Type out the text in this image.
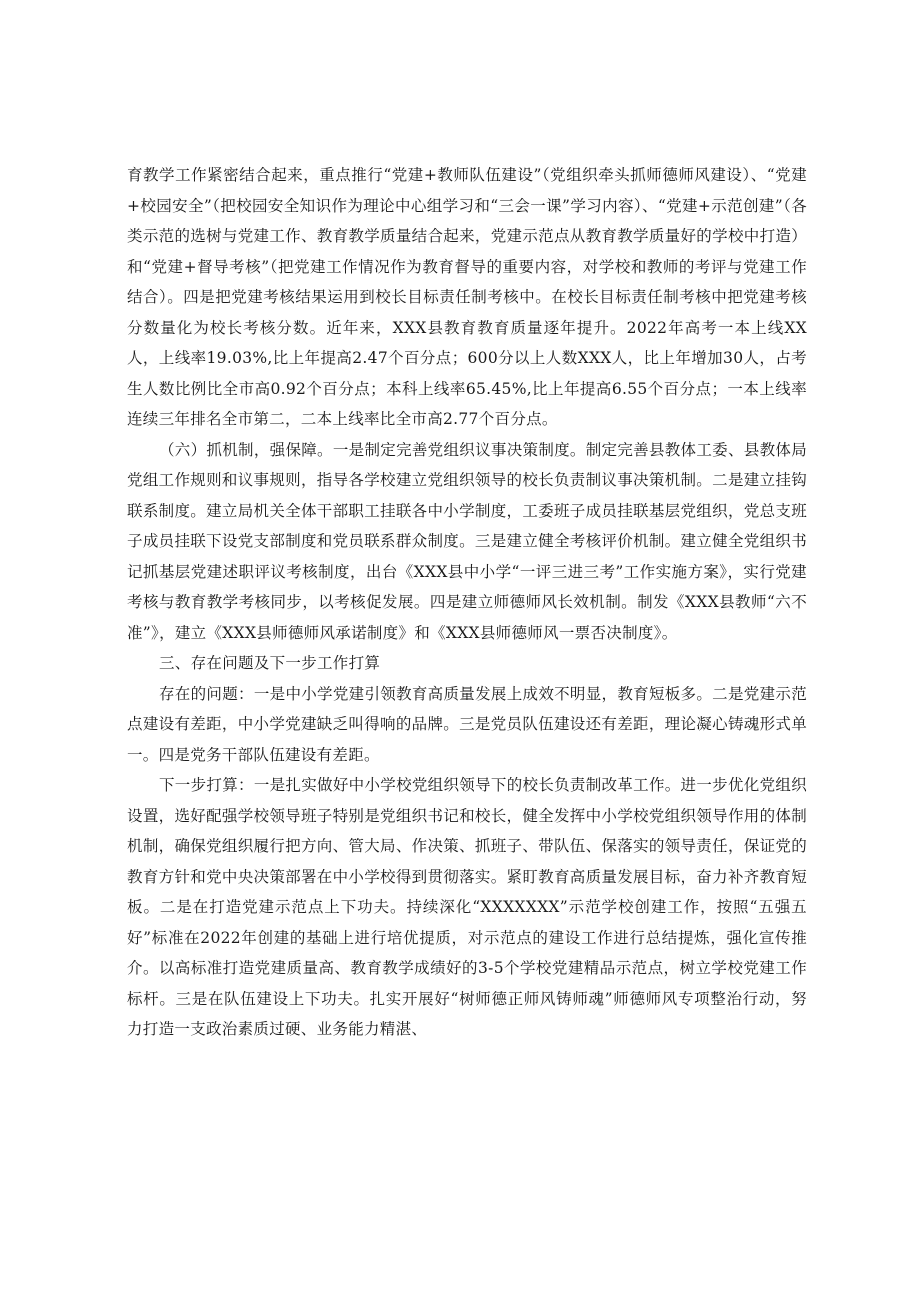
育教学工作紧密结合起来，重点推行“党建+教师队伍建设”（党组织牵头抓师德师风建设）、“党建+校园安全”（把校园安全知识作为理论中心组学习和“三会一课”学习内容）、“党建+示范创建”（各类示范的选树与党建工作、教育教学质量结合起来，党建示范点从教育教学质量好的学校中打造）和“党建+督导考核”（把党建工作情况作为教育督导的重要内容，对学校和教师的考评与党建工作结合）。四是把党建考核结果运用到校长目标责任制考核中。在校长目标责任制考核中把党建考核分数量化为校长考核分数。近年来，XXX县教育教育质量逐年提升。2022年高考一本上线XX人，上线率19.03%,比上年提高2.47个百分点；600分以上人数XXX人，比上年增加30人，占考生人数比例比全市高0.92个百分点；本科上线率65.45%,比上年提高6.55个百分点；一本上线率连续三年排名全市第二，二本上线率比全市高2.77个百分点。

（六）抓机制，强保障。一是制定完善党组织议事决策制度。制定完善县教体工委、县教体局党组工作规则和议事规则，指导各学校建立党组织领导的校长负责制议事决策机制。二是建立挂钩联系制度。建立局机关全体干部职工挂联各中小学制度，工委班子成员挂联基层党组织，党总支班子成员挂联下设党支部制度和党员联系群众制度。三是建立健全考核评价机制。建立健全党组织书记抓基层党建述职评议考核制度，出台《XXX县中小学“一评三进三考”工作实施方案》，实行党建考核与教育教学考核同步，以考核促发展。四是建立师德师风长效机制。制发《XXX县教师“六不准”》，建立《XXX县师德师风承诺制度》和《XXX县师德师风一票否决制度》。

三、存在问题及下一步工作打算

存在的问题：一是中小学党建引领教育高质量发展上成效不明显，教育短板多。二是党建示范点建设有差距，中小学党建缺乏叫得响的品牌。三是党员队伍建设还有差距，理论凝心铸魂形式单一。四是党务干部队伍建设有差距。

下一步打算：一是扎实做好中小学校党组织领导下的校长负责制改革工作。进一步优化党组织设置，选好配强学校领导班子特别是党组织书记和校长，健全发挥中小学校党组织领导作用的体制机制，确保党组织履行把方向、管大局、作决策、抓班子、带队伍、保落实的领导责任，保证党的教育方针和党中央决策部署在中小学校得到贯彻落实。紧盯教育高质量发展目标，奋力补齐教育短板。二是在打造党建示范点上下功夫。持续深化“XXXXXXX”示范学校创建工作，按照“五强五好”标准在2022年创建的基础上进行培优提质，对示范点的建设工作进行总结提炼，强化宣传推介。以高标准打造党建质量高、教育教学成绩好的3-5个学校党建精品示范点，树立学校党建工作标杆。三是在队伍建设上下功夫。扎实开展好“树师德正师风铸师魂”师德师风专项整治行动，努力打造一支政治素质过硬、业务能力精湛、
